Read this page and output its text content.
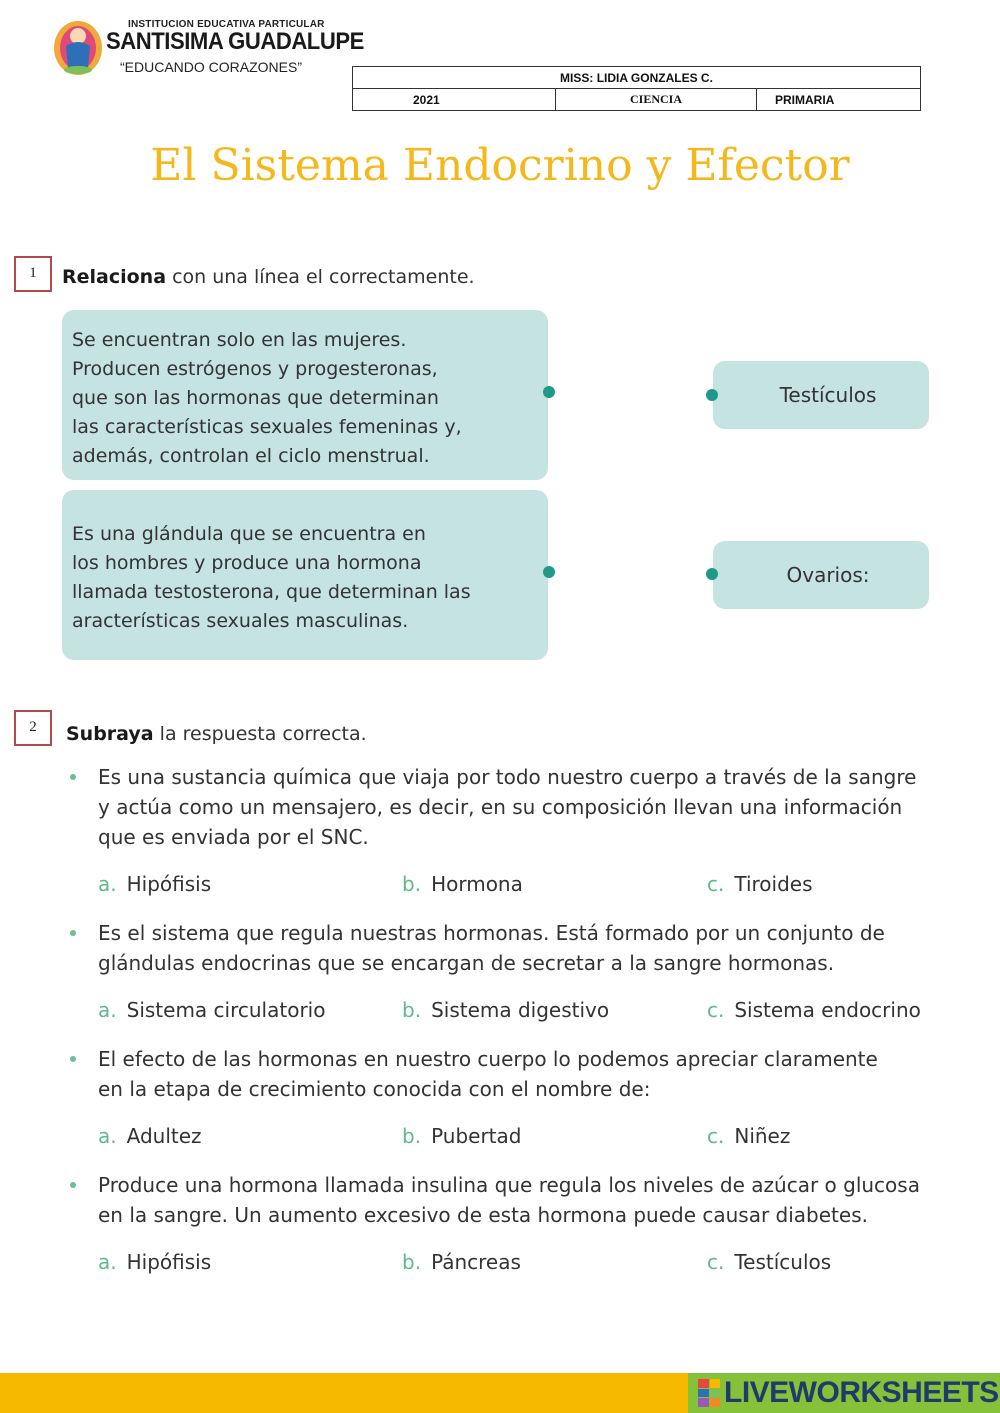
INSTITUCION EDUCATIVA PARTICULAR
SANTISIMA GUADALUPE
“EDUCANDO CORAZONES”
MISS: LIDIA GONZALES C.
2021	CIENCIA	PRIMARIA
El Sistema Endocrino y Efector
1	Relaciona con una línea el correctamente.
Se encuentran solo en las mujeres.
Producen estrógenos y progesteronas,
que son las hormonas que determinan
las características sexuales femeninas y,
además, controlan el ciclo menstrual.
Es una glándula que se encuentra en
los hombres y produce una hormona
llamada testosterona, que determinan las
aracterísticas sexuales masculinas.
Testículos
Ovarios:
2	Subraya la respuesta correcta.
Es una sustancia química que viaja por todo nuestro cuerpo a través de la sangre
y actúa como un mensajero, es decir, en su composición llevan una información
que es enviada por el SNC.
a. Hipófisis	b. Hormona	c. Tiroides
Es el sistema que regula nuestras hormonas. Está formado por un conjunto de
glándulas endocrinas que se encargan de secretar a la sangre hormonas.
a. Sistema circulatorio	b. Sistema digestivo	c. Sistema endocrino
El efecto de las hormonas en nuestro cuerpo lo podemos apreciar claramente
en la etapa de crecimiento conocida con el nombre de:
a. Adultez	b. Pubertad	c. Niñez
Produce una hormona llamada insulina que regula los niveles de azúcar o glucosa
en la sangre. Un aumento excesivo de esta hormona puede causar diabetes.
a. Hipófisis	b. Páncreas	c. Testículos
LIVEWORKSHEETS
